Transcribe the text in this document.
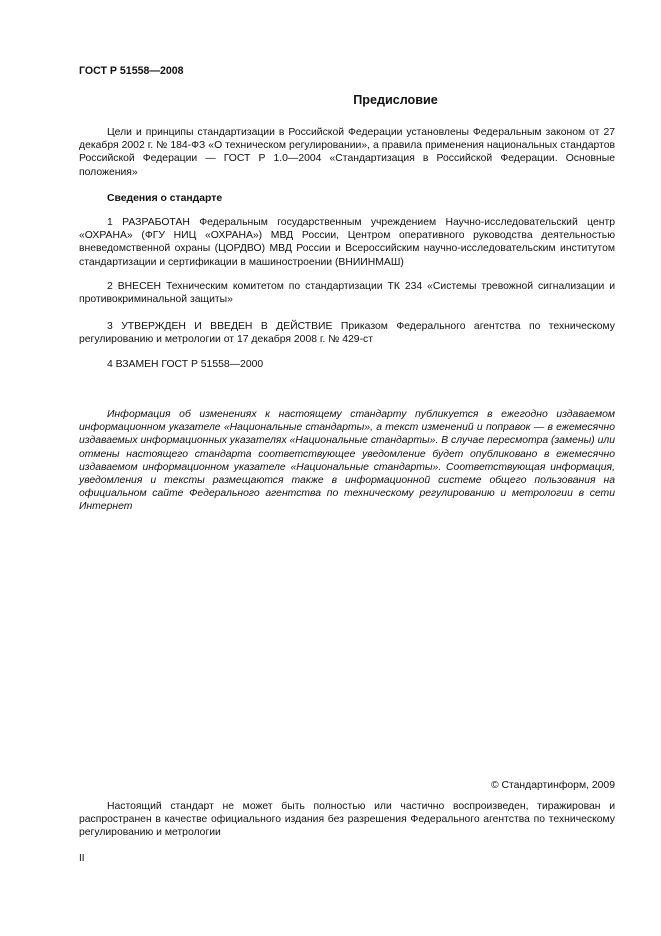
ГОСТ Р 51558—2008
Предисловие

Цели и принципы стандартизации в Российской Федерации установлены Федеральным законом от 27 декабря 2002 г. № 184-ФЗ «О техническом регулировании», а правила применения национальных стандартов Российской Федерации — ГОСТ Р 1.0—2004 «Стандартизация в Российской Федерации. Основные положения»

Сведения о стандарте

1 РАЗРАБОТАН Федеральным государственным учреждением Научно-исследовательский центр «ОХРАНА» (ФГУ НИЦ «ОХРАНА») МВД России, Центром оперативного руководства деятельностью вневедомственной охраны (ЦОРДВО) МВД России и Всероссийским научно-исследовательским институтом стандартизации и сертификации в машиностроении (ВНИИНМАШ)

2 ВНЕСЕН Техническим комитетом по стандартизации ТК 234 «Системы тревожной сигнализации и противокриминальной защиты»

3 УТВЕРЖДЕН И ВВЕДЕН В ДЕЙСТВИЕ Приказом Федерального агентства по техническому регулированию и метрологии от 17 декабря 2008 г. № 429-ст

4 ВЗАМЕН ГОСТ Р 51558—2000

Информация об изменениях к настоящему стандарту публикуется в ежегодно издаваемом информационном указателе «Национальные стандарты», а текст изменений и поправок — в ежемесячно издаваемых информационных указателях «Национальные стандарты». В случае пересмотра (замены) или отмены настоящего стандарта соответствующее уведомление будет опубликовано в ежемесячно издаваемом информационном указателе «Национальные стандарты». Соответствующая информация, уведомления и тексты размещаются также в информационной системе общего пользования на официальном сайте Федерального агентства по техническому регулированию и метрологии в сети Интернет

© Стандартинформ, 2009

Настоящий стандарт не может быть полностью или частично воспроизведен, тиражирован и распространен в качестве официального издания без разрешения Федерального агентства по техническому регулированию и метрологии

II
